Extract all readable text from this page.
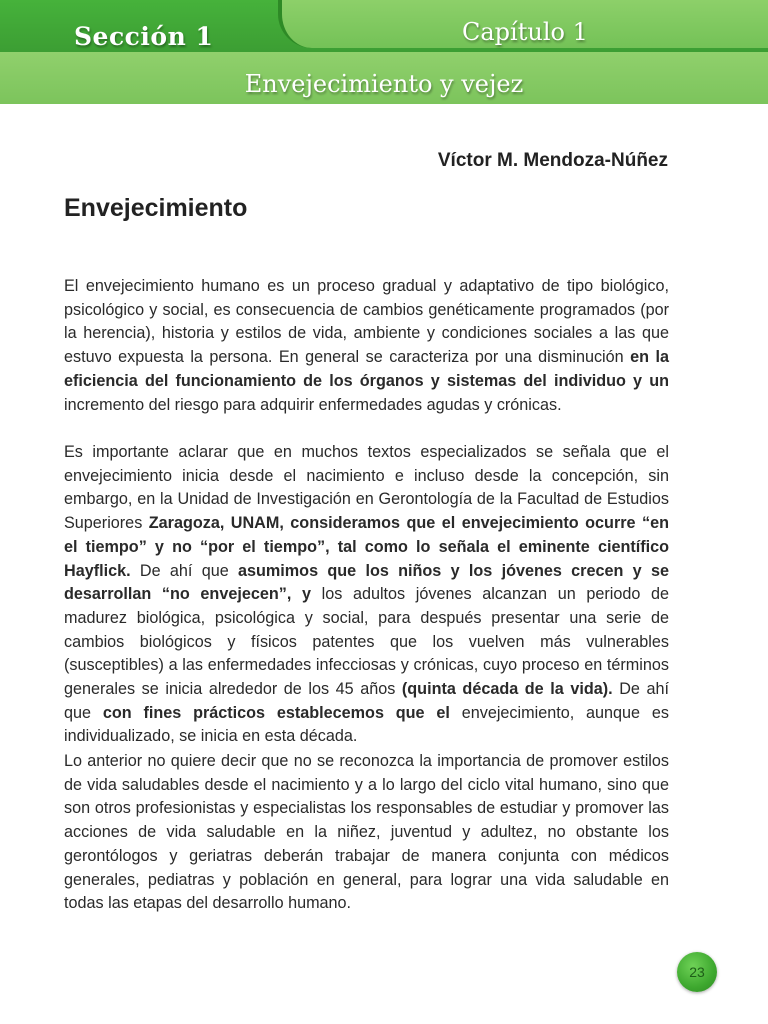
Sección 1	Capítulo 1
Envejecimiento y vejez
Víctor M. Mendoza-Núñez
Envejecimiento

El envejecimiento humano es un proceso gradual y adaptativo de tipo biológico, psicológico y social, es consecuencia de cambios genéticamente programados (por la herencia), historia y estilos de vida, ambiente y condiciones sociales a las que estuvo expuesta la persona. En general se caracteriza por una disminución en la eficiencia del funcionamiento de los órganos y sistemas del individuo y un incremento del riesgo para adquirir enfermedades agudas y crónicas.

Es importante aclarar que en muchos textos especializados se señala que el envejecimiento inicia desde el nacimiento e incluso desde la concepción, sin embargo, en la Unidad de Investigación en Gerontología de la Facultad de Estudios Superiores Zaragoza, UNAM, consideramos que el envejecimiento ocurre “en el tiempo” y no “por el tiempo”, tal como lo señala el eminente científico Hayflick. De ahí que asumimos que los niños y los jóvenes crecen y se desarrollan “no envejecen”, y los adultos jóvenes alcanzan un periodo de madurez biológica, psicológica y social, para después presentar una serie de cambios biológicos y físicos patentes que los vuelven más vulnerables (susceptibles) a las enfermedades infecciosas y crónicas, cuyo proceso en términos generales se inicia alrededor de los 45 años (quinta década de la vida). De ahí que con fines prácticos establecemos que el envejecimiento, aunque es individualizado, se inicia en esta década.

Lo anterior no quiere decir que no se reconozca la importancia de promover estilos de vida saludables desde el nacimiento y a lo largo del ciclo vital humano, sino que son otros profesionistas y especialistas los responsables de estudiar y promover las acciones de vida saludable en la niñez, juventud y adultez, no obstante los gerontólogos y geriatras deberán trabajar de manera conjunta con médicos generales, pediatras y población en general, para lograr una vida saludable en todas las etapas del desarrollo humano.

23
